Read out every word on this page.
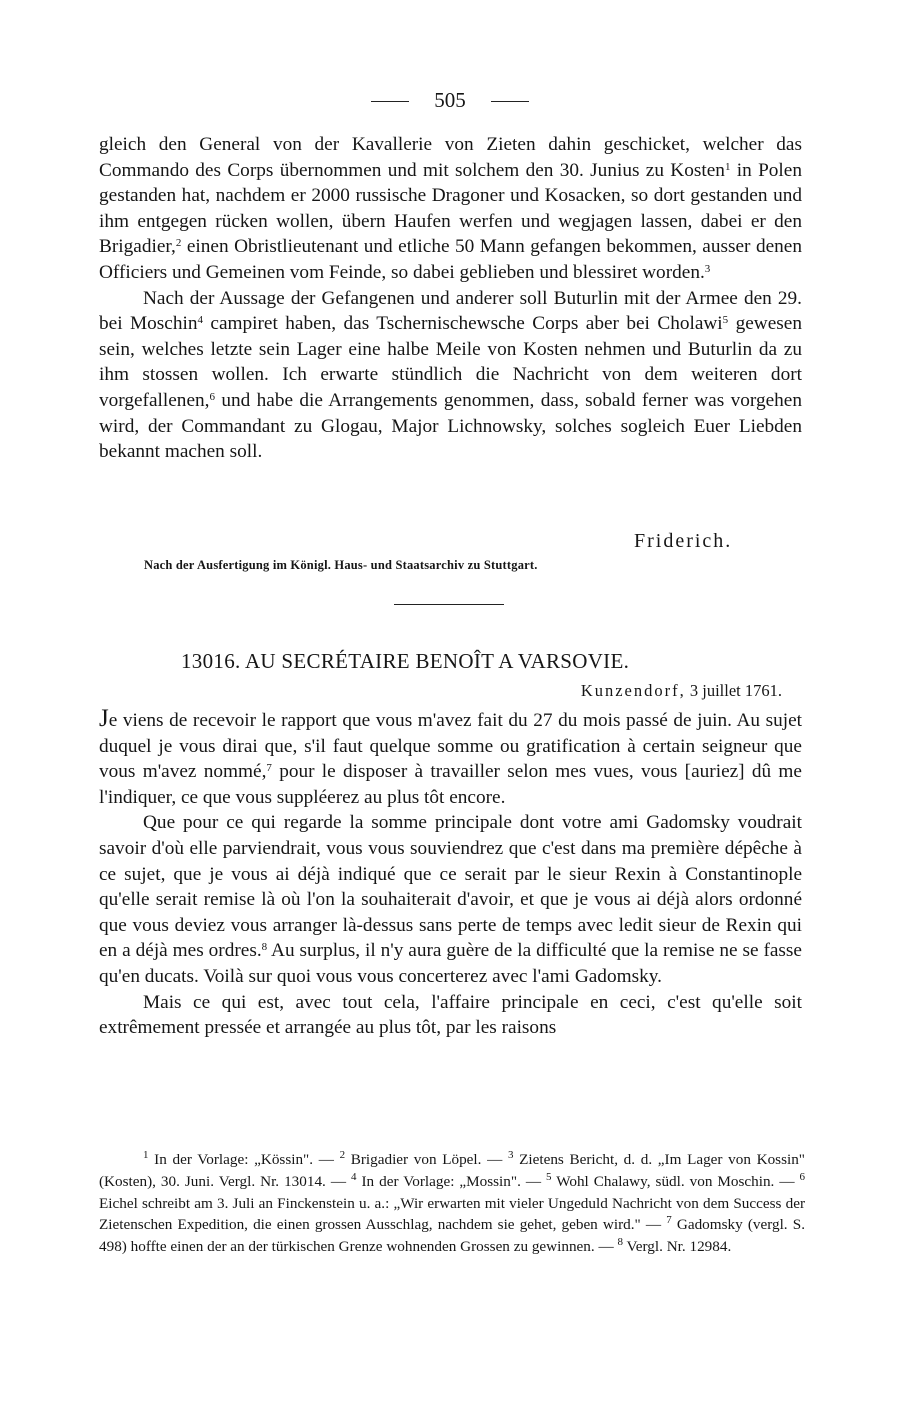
505

gleich den General von der Kavallerie von Zieten dahin geschicket, welcher das Commando des Corps übernommen und mit solchem den 30. Junius zu Kosten$^1$ in Polen gestanden hat, nachdem er 2000 russische Dragoner und Kosacken, so dort gestanden und ihm entgegen rücken wollen, übern Haufen werfen und wegjagen lassen, dabei er den Brigadier,$^2$ einen Obristlieutenant und etliche 50 Mann gefangen bekommen, ausser denen Officiers und Gemeinen vom Feinde, so dabei geblieben und blessiret worden.$^3$

Nach der Aussage der Gefangenen und anderer soll Buturlin mit der Armee den 29. bei Moschin$^4$ campiret haben, das Tschernischewsche Corps aber bei Cholawi$^5$ gewesen sein, welches letzte sein Lager eine halbe Meile von Kosten nehmen und Buturlin da zu ihm stossen wollen. Ich erwarte stündlich die Nachricht von dem weiteren dort vorgefallenen,$^6$ und habe die Arrangements genommen, dass, sobald ferner was vorgehen wird, der Commandant zu Glogau, Major Lichnowsky, solches sogleich Euer Liebden bekannt machen soll.

Friderich.
Nach der Ausfertigung im Königl. Haus- und Staatsarchiv zu Stuttgart.
13016. AU SECRÉTAIRE BENOÎT A VARSOVIE.
Kunzendorf, 3 juillet 1761.

Je viens de recevoir le rapport que vous m'avez fait du 27 du mois passé de juin. Au sujet duquel je vous dirai que, s'il faut quelque somme ou gratification à certain seigneur que vous m'avez nommé,$^7$ pour le disposer à travailler selon mes vues, vous [auriez] dû me l'indiquer, ce que vous suppléerez au plus tôt encore.

Que pour ce qui regarde la somme principale dont votre ami Gadomsky voudrait savoir d'où elle parviendrait, vous vous souviendrez que c'est dans ma première dépêche à ce sujet, que je vous ai déjà indiqué que ce serait par le sieur Rexin à Constantinople qu'elle serait remise là où l'on la souhaiterait d'avoir, et que je vous ai déjà alors ordonné que vous deviez vous arranger là-dessus sans perte de temps avec ledit sieur de Rexin qui en a déjà mes ordres.$^8$ Au surplus, il n'y aura guère de la difficulté que la remise ne se fasse qu'en ducats. Voilà sur quoi vous vous concerterez avec l'ami Gadomsky.

Mais ce qui est, avec tout cela, l'affaire principale en ceci, c'est qu'elle soit extrêmement pressée et arrangée au plus tôt, par les raisons

$^1$ In der Vorlage: „Kössin". — $^2$ Brigadier von Löpel. — $^3$ Zietens Bericht, d. d. „Im Lager von Kossin" (Kosten), 30. Juni. Vergl. Nr. 13014. — $^4$ In der Vorlage: „Mossin". — $^5$ Wohl Chalawy, südl. von Moschin. — $^6$ Eichel schreibt am 3. Juli an Finckenstein u. a.: „Wir erwarten mit vieler Ungeduld Nachricht von dem Success der Zietenschen Expedition, die einen grossen Ausschlag, nachdem sie gehet, geben wird." — $^7$ Gadomsky (vergl. S. 498) hoffte einen der an der türkischen Grenze wohnenden Grossen zu gewinnen. — $^8$ Vergl. Nr. 12984.
